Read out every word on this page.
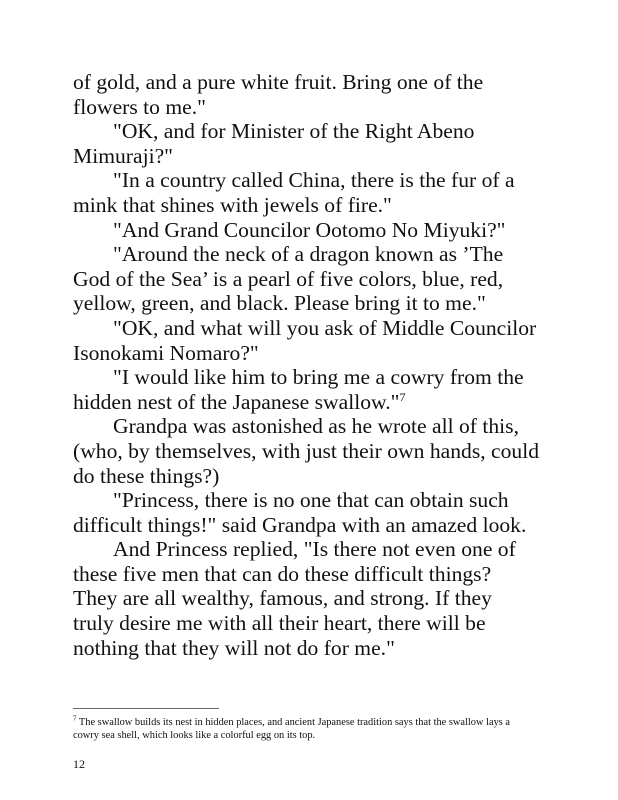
of gold, and a pure white fruit. Bring one of the

flowers to me."

"OK, and for Minister of the Right Abeno

Mimuraji?"

"In a country called China, there is the fur of a

mink that shines with jewels of fire."

"And Grand Councilor Ootomo No Miyuki?"

"Around the neck of a dragon known as ’The

God of the Sea’ is a pearl of five colors, blue, red,

yellow, green, and black. Please bring it to me."

"OK, and what will you ask of Middle Councilor

Isonokami Nomaro?"

"I would like him to bring me a cowry from the

hidden nest of the Japanese swallow."$^7$

Grandpa was astonished as he wrote all of this,

(who, by themselves, with just their own hands, could

do these things?)

"Princess, there is no one that can obtain such

difficult things!" said Grandpa with an amazed look.

And Princess replied, "Is there not even one of

these five men that can do these difficult things?

They are all wealthy, famous, and strong. If they

truly desire me with all their heart, there will be

nothing that they will not do for me."

$^7$ The swallow builds its nest in hidden places, and ancient Japanese tradition says that the swallow lays a

cowry sea shell, which looks like a colorful egg on its top.

12
